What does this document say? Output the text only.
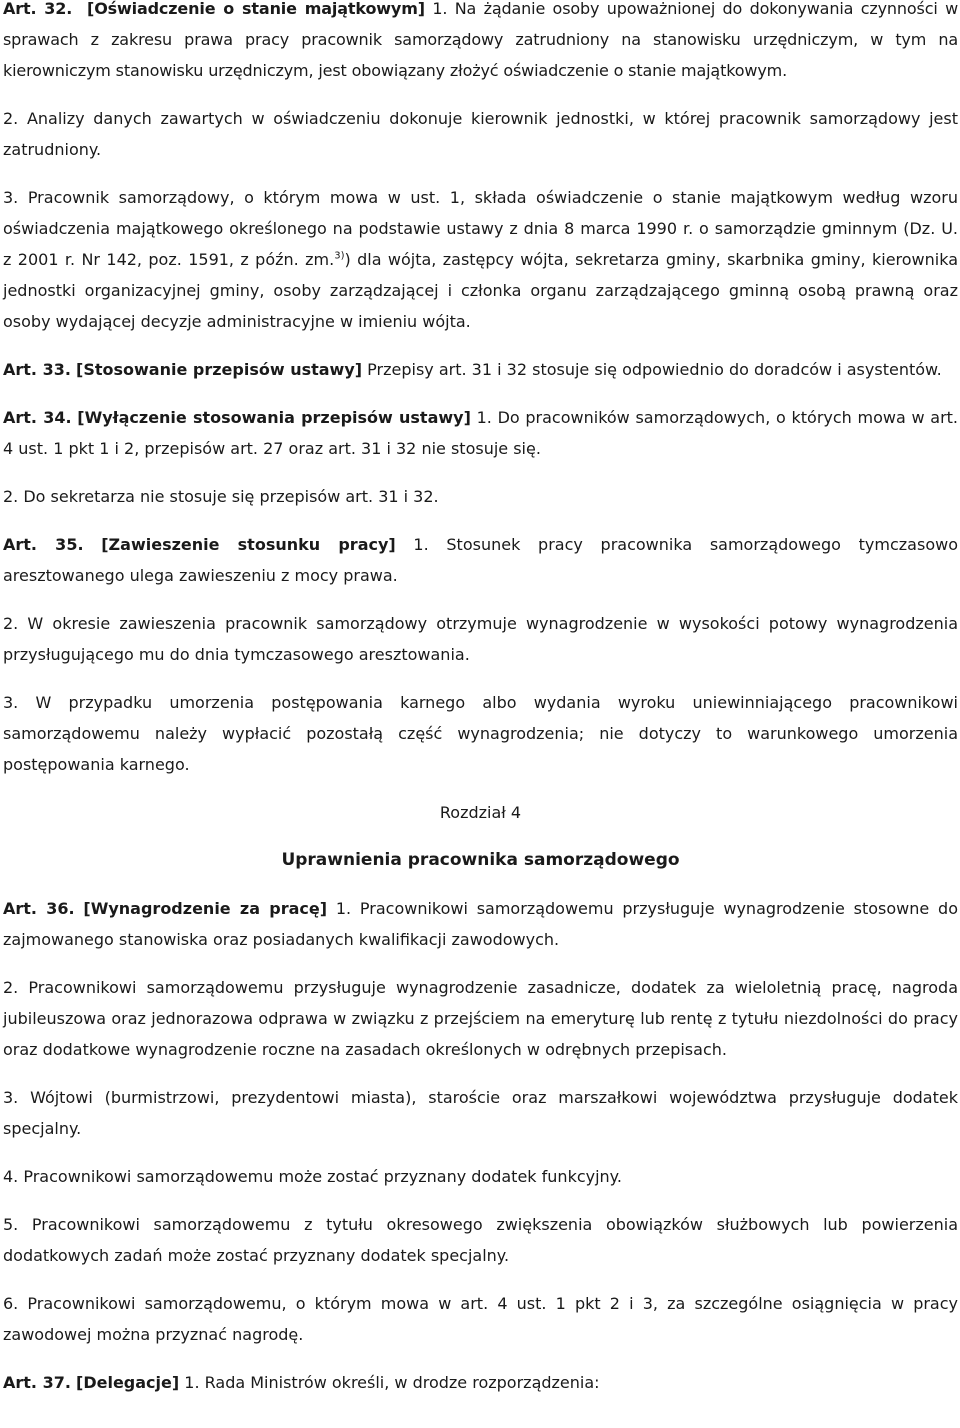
Art. 32. [Oświadczenie o stanie majątkowym] 1. Na żądanie osoby upoważnionej do dokonywania czynności w sprawach z zakresu prawa pracy pracownik samorządowy zatrudniony na stanowisku urzędniczym, w tym na kierowniczym stanowisku urzędniczym, jest obowiązany złożyć oświadczenie o stanie majątkowym.

2. Analizy danych zawartych w oświadczeniu dokonuje kierownik jednostki, w której pracownik samorządowy jest zatrudniony.

3. Pracownik samorządowy, o którym mowa w ust. 1, składa oświadczenie o stanie majątkowym według wzoru oświadczenia majątkowego określonego na podstawie ustawy z dnia 8 marca 1990 r. o samorządzie gminnym (Dz. U. z 2001 r. Nr 142, poz. 1591, z późn. zm.$^{3)}$) dla wójta, zastępcy wójta, sekretarza gminy, skarbnika gminy, kierownika jednostki organizacyjnej gminy, osoby zarządzającej i członka organu zarządzającego gminną osobą prawną oraz osoby wydającej decyzje administracyjne w imieniu wójta.

Art. 33. [Stosowanie przepisów ustawy] Przepisy art. 31 i 32 stosuje się odpowiednio do doradców i asystentów.

Art. 34. [Wyłączenie stosowania przepisów ustawy] 1. Do pracowników samorządowych, o których mowa w art. 4 ust. 1 pkt 1 i 2, przepisów art. 27 oraz art. 31 i 32 nie stosuje się.

2. Do sekretarza nie stosuje się przepisów art. 31 i 32.

Art. 35. [Zawieszenie stosunku pracy] 1. Stosunek pracy pracownika samorządowego tymczasowo aresztowanego ulega zawieszeniu z mocy prawa.

2. W okresie zawieszenia pracownik samorządowy otrzymuje wynagrodzenie w wysokości potowy wynagrodzenia przysługującego mu do dnia tymczasowego aresztowania.

3. W przypadku umorzenia postępowania karnego albo wydania wyroku uniewinniającego pracownikowi samorządowemu należy wypłacić pozostałą część wynagrodzenia; nie dotyczy to warunkowego umorzenia postępowania karnego.

Rozdział 4

Uprawnienia pracownika samorządowego

Art. 36. [Wynagrodzenie za pracę] 1. Pracownikowi samorządowemu przysługuje wynagrodzenie stosowne do zajmowanego stanowiska oraz posiadanych kwalifikacji zawodowych.

2. Pracownikowi samorządowemu przysługuje wynagrodzenie zasadnicze, dodatek za wieloletnią pracę, nagroda jubileuszowa oraz jednorazowa odprawa w związku z przejściem na emeryturę lub rentę z tytułu niezdolności do pracy oraz dodatkowe wynagrodzenie roczne na zasadach określonych w odrębnych przepisach.

3. Wójtowi (burmistrzowi, prezydentowi miasta), staroście oraz marszałkowi województwa przysługuje dodatek specjalny.

4. Pracownikowi samorządowemu może zostać przyznany dodatek funkcyjny.

5. Pracownikowi samorządowemu z tytułu okresowego zwiększenia obowiązków służbowych lub powierzenia dodatkowych zadań może zostać przyznany dodatek specjalny.

6. Pracownikowi samorządowemu, o którym mowa w art. 4 ust. 1 pkt 2 i 3, za szczególne osiągnięcia w pracy zawodowej można przyznać nagrodę.

Art. 37. [Delegacje] 1. Rada Ministrów określi, w drodze rozporządzenia:
